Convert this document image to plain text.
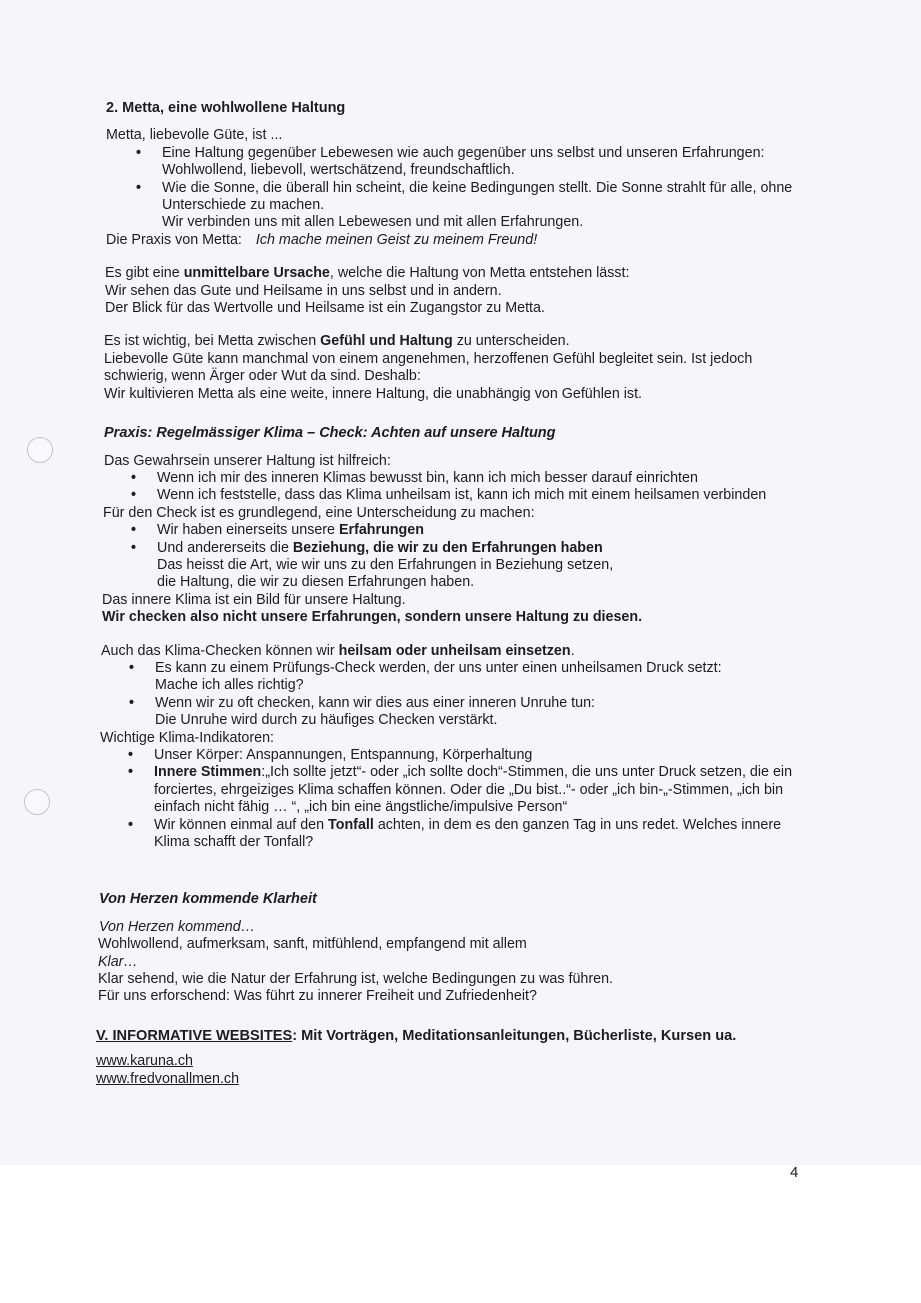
2. Metta, eine wohlwollene Haltung

Metta, liebevolle Güte, ist ...

• Eine Haltung gegenüber Lebewesen wie auch gegenüber uns selbst und unseren Erfahrungen: Wohlwollend, liebevoll, wertschätzend, freundschaftlich.
• Wie die Sonne, die überall hin scheint, die keine Bedingungen stellt. Die Sonne strahlt für alle, ohne Unterschiede zu machen.

Wir verbinden uns mit allen Lebewesen und mit allen Erfahrungen.

Die Praxis von Metta: Ich mache meinen Geist zu meinem Freund!

Es gibt eine unmittelbare Ursache, welche die Haltung von Metta entstehen lässt:

Wir sehen das Gute und Heilsame in uns selbst und in andern.

Der Blick für das Wertvolle und Heilsame ist ein Zugangstor zu Metta.

Es ist wichtig, bei Metta zwischen Gefühl und Haltung zu unterscheiden.

Liebevolle Güte kann manchmal von einem angenehmen, herzoffenen Gefühl begleitet sein. Ist jedoch schwierig, wenn Ärger oder Wut da sind. Deshalb:

Wir kultivieren Metta als eine weite, innere Haltung, die unabhängig von Gefühlen ist.

Praxis: Regelmässiger Klima – Check: Achten auf unsere Haltung

Das Gewahrsein unserer Haltung ist hilfreich:

• Wenn ich mir des inneren Klimas bewusst bin, kann ich mich besser darauf einrichten
• Wenn ich feststelle, dass das Klima unheilsam ist, kann ich mich mit einem heilsamen verbinden

Für den Check ist es grundlegend, eine Unterscheidung zu machen:

• Wir haben einerseits unsere Erfahrungen
• Und andererseits die Beziehung, die wir zu den Erfahrungen haben

Das heisst die Art, wie wir uns zu den Erfahrungen in Beziehung setzen,

die Haltung, die wir zu diesen Erfahrungen haben.

Das innere Klima ist ein Bild für unsere Haltung.

Wir checken also nicht unsere Erfahrungen, sondern unsere Haltung zu diesen.

Auch das Klima-Checken können wir heilsam oder unheilsam einsetzen.

• Es kann zu einem Prüfungs-Check werden, der uns unter einen unheilsamen Druck setzt:

Mache ich alles richtig?

• Wenn wir zu oft checken, kann wir dies aus einer inneren Unruhe tun:

Die Unruhe wird durch zu häufiges Checken verstärkt.

Wichtige Klima-Indikatoren:

• Unser Körper: Anspannungen, Entspannung, Körperhaltung
• Innere Stimmen:„Ich sollte jetzt“- oder „ich sollte doch“-Stimmen, die uns unter Druck setzen, die ein forciertes, ehrgeiziges Klima schaffen können. Oder die „Du bist..“- oder „ich bin-„-Stimmen, „ich bin einfach nicht fähig … “, „ich bin eine ängstliche/impulsive Person“
• Wir können einmal auf den Tonfall achten, in dem es den ganzen Tag in uns redet. Welches innere Klima schafft der Tonfall?

Von Herzen kommende Klarheit

Von Herzen kommend…

Wohlwollend, aufmerksam, sanft, mitfühlend, empfangend mit allem

Klar…

Klar sehend, wie die Natur der Erfahrung ist, welche Bedingungen zu was führen.

Für uns erforschend: Was führt zu innerer Freiheit und Zufriedenheit?

V. INFORMATIVE WEBSITES: Mit Vorträgen, Meditationsanleitungen, Bücherliste, Kursen ua.

www.karuna.ch

www.fredvonallmen.ch

4
